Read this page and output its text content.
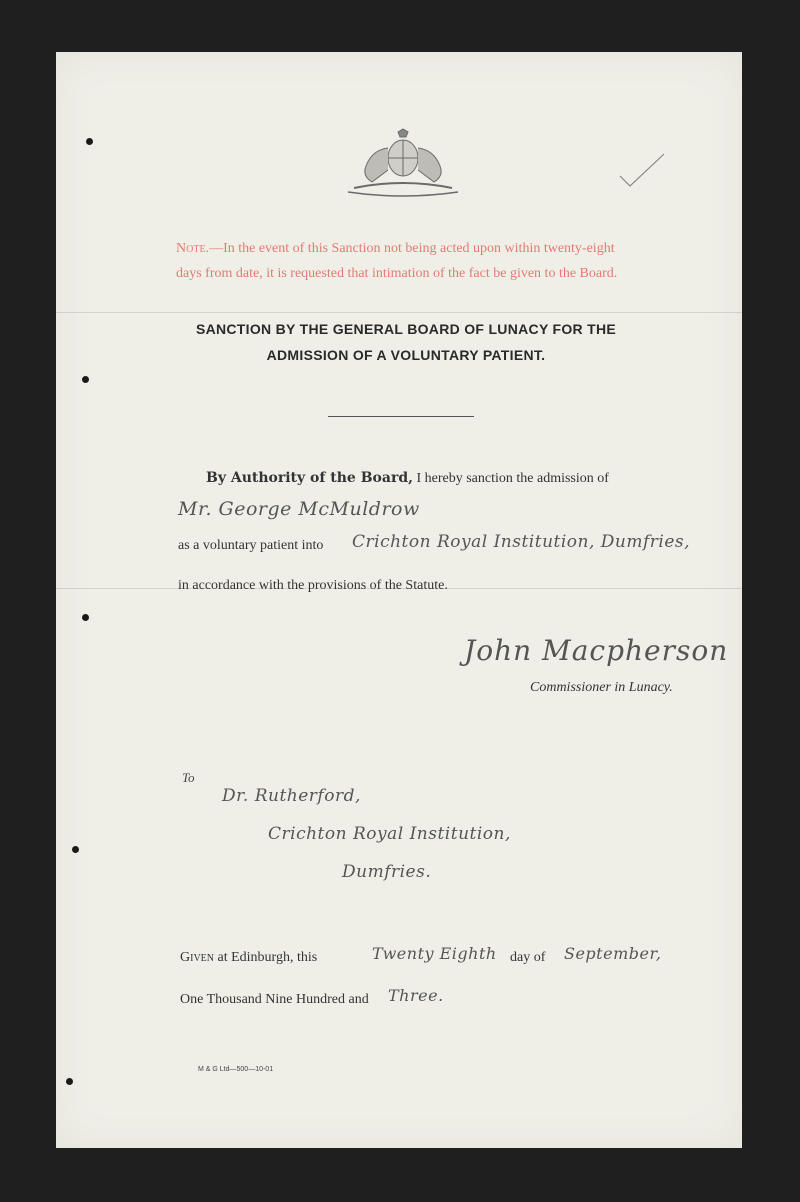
Note.—In the event of this Sanction not being acted upon within twenty-eight days from date, it is requested that intimation of the fact be given to the Board.
SANCTION BY THE GENERAL BOARD OF LUNACY FOR THE
ADMISSION OF A VOLUNTARY PATIENT.
By Authority of the Board, I hereby sanction the admission of
Mr. George McMuldrow
as a voluntary patient into Crichton Royal Institution, Dumfries,
in accordance with the provisions of the Statute.
John Macpherson
Commissioner in Lunacy.
To
Dr. Rutherford,
Crichton Royal Institution,
Dumfries.
Given at Edinburgh, this	Twenty Eighth day of September,
One Thousand Nine Hundred and Three.
M & G Ltd—500—10-01
